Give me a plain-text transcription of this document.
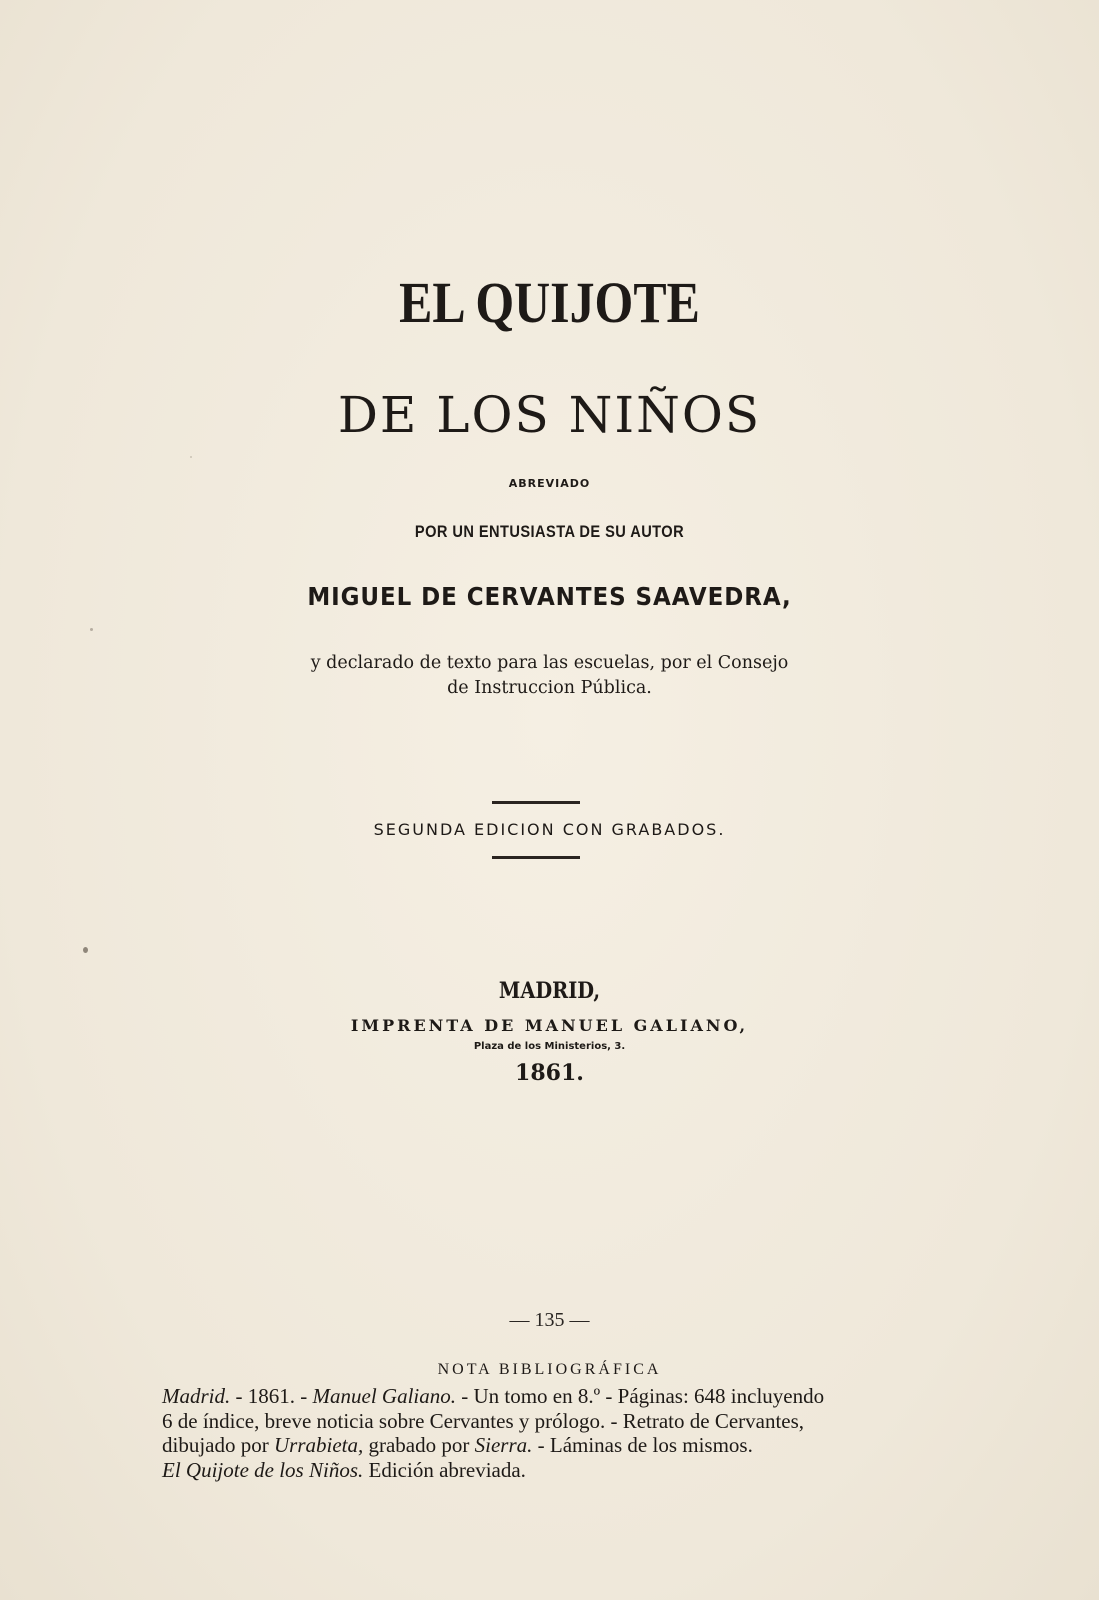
EL QUIJOTE
DE LOS NIÑOS
ABREVIADO
POR UN ENTUSIASTA DE SU AUTOR
MIGUEL DE CERVANTES SAAVEDRA,
y declarado de texto para las escuelas, por el Consejo
de Instruccion Pública.
SEGUNDA EDICION CON GRABADOS.
MADRID,
IMPRENTA DE MANUEL GALIANO,
Plaza de los Ministerios, 3.
1861.
— 135 —
NOTA BIBLIOGRÁFICA

Madrid. - 1861. - Manuel Galiano. - Un tomo en 8.º - Páginas: 648 incluyendo

6 de índice, breve noticia sobre Cervantes y prólogo. - Retrato de Cervantes,

dibujado por Urrabieta, grabado por Sierra. - Láminas de los mismos.

El Quijote de los Niños. Edición abreviada.
